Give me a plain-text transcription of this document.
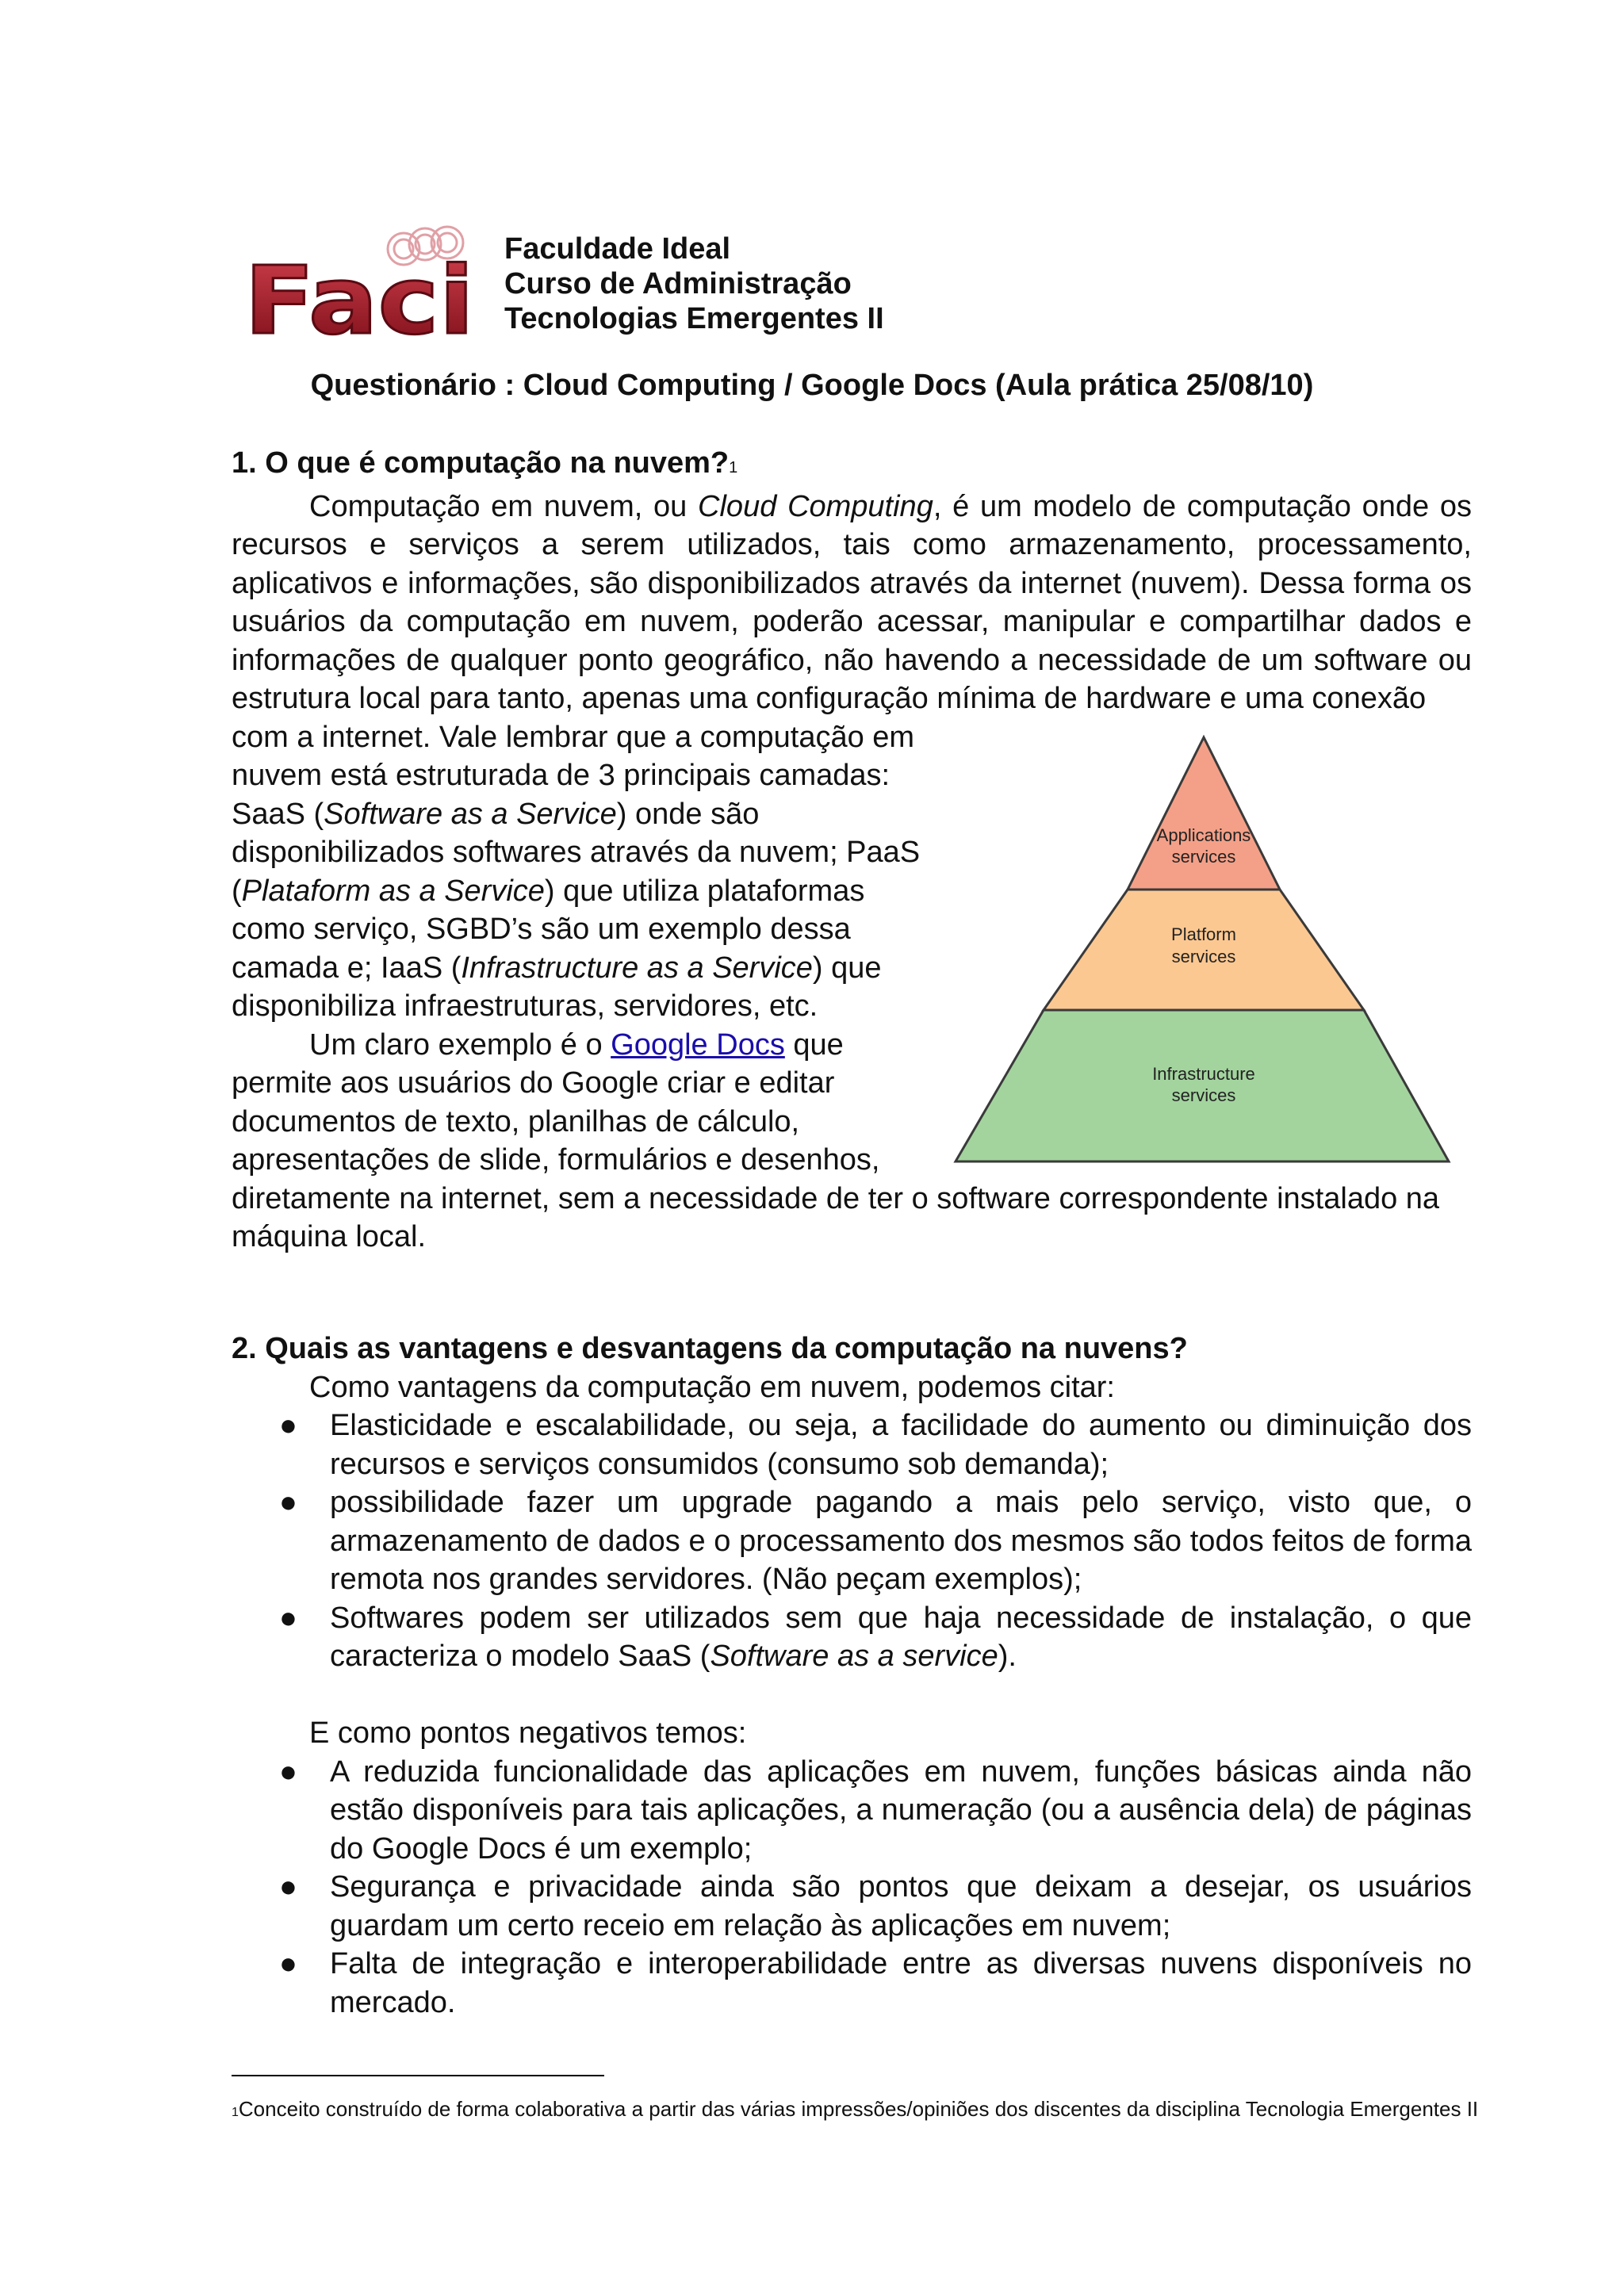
Faci Faculdade Ideal
Curso de Administração
Tecnologias Emergentes II
Questionário : Cloud Computing / Google Docs (Aula prática 25/08/10)

1. O que é computação na nuvem?1

Computação em nuvem, ou Cloud Computing, é um modelo de computação onde os recursos e serviços a serem utilizados, tais como armazenamento, processamento, aplicativos e informações, são disponibilizados através da internet (nuvem). Dessa forma os usuários da computação em nuvem, poderão acessar, manipular e compartilhar dados e informações de qualquer ponto geográfico, não havendo a necessidade de um software ou estrutura local para tanto, apenas uma configuração mínima de hardware e uma conexão

com a internet. Vale lembrar que a computação em

nuvem está estruturada de 3 principais camadas:

SaaS (Software as a Service) onde são

disponibilizados softwares através da nuvem; PaaS

(Plataform as a Service) que utiliza plataformas

como serviço, SGBD’s são um exemplo dessa

camada e; IaaS (Infrastructure as a Service) que

disponibiliza infraestruturas, servidores, etc.

Um claro exemplo é o Google Docs que

permite aos usuários do Google criar e editar

documentos de texto, planilhas de cálculo,

apresentações de slide, formulários e desenhos,

diretamente na internet, sem a necessidade de ter o software correspondente instalado na

máquina local.

Applications
services
Platform
services
Infrastructure
services

2. Quais as vantagens e desvantagens da computação na nuvens?

Como vantagens da computação em nuvem, podemos citar:

● Elasticidade e escalabilidade, ou seja, a facilidade do aumento ou diminuição dos recursos e serviços consumidos (consumo sob demanda);
● possibilidade fazer um upgrade pagando a mais pelo serviço, visto que, o armazenamento de dados e o processamento dos mesmos são todos feitos de forma remota nos grandes servidores. (Não peçam exemplos);
● Softwares podem ser utilizados sem que haja necessidade de instalação, o que caracteriza o modelo SaaS (Software as a service).

E como pontos negativos temos:

● A reduzida funcionalidade das aplicações em nuvem, funções básicas ainda não estão disponíveis para tais aplicações, a numeração (ou a ausência dela) de páginas do Google Docs é um exemplo;
● Segurança e privacidade ainda são pontos que deixam a desejar, os usuários guardam um certo receio em relação às aplicações em nuvem;
● Falta de integração e interoperabilidade entre as diversas nuvens disponíveis no mercado.
1Conceito construído de forma colaborativa a partir das várias impressões/opiniões dos discentes da disciplina Tecnologia Emergentes II
